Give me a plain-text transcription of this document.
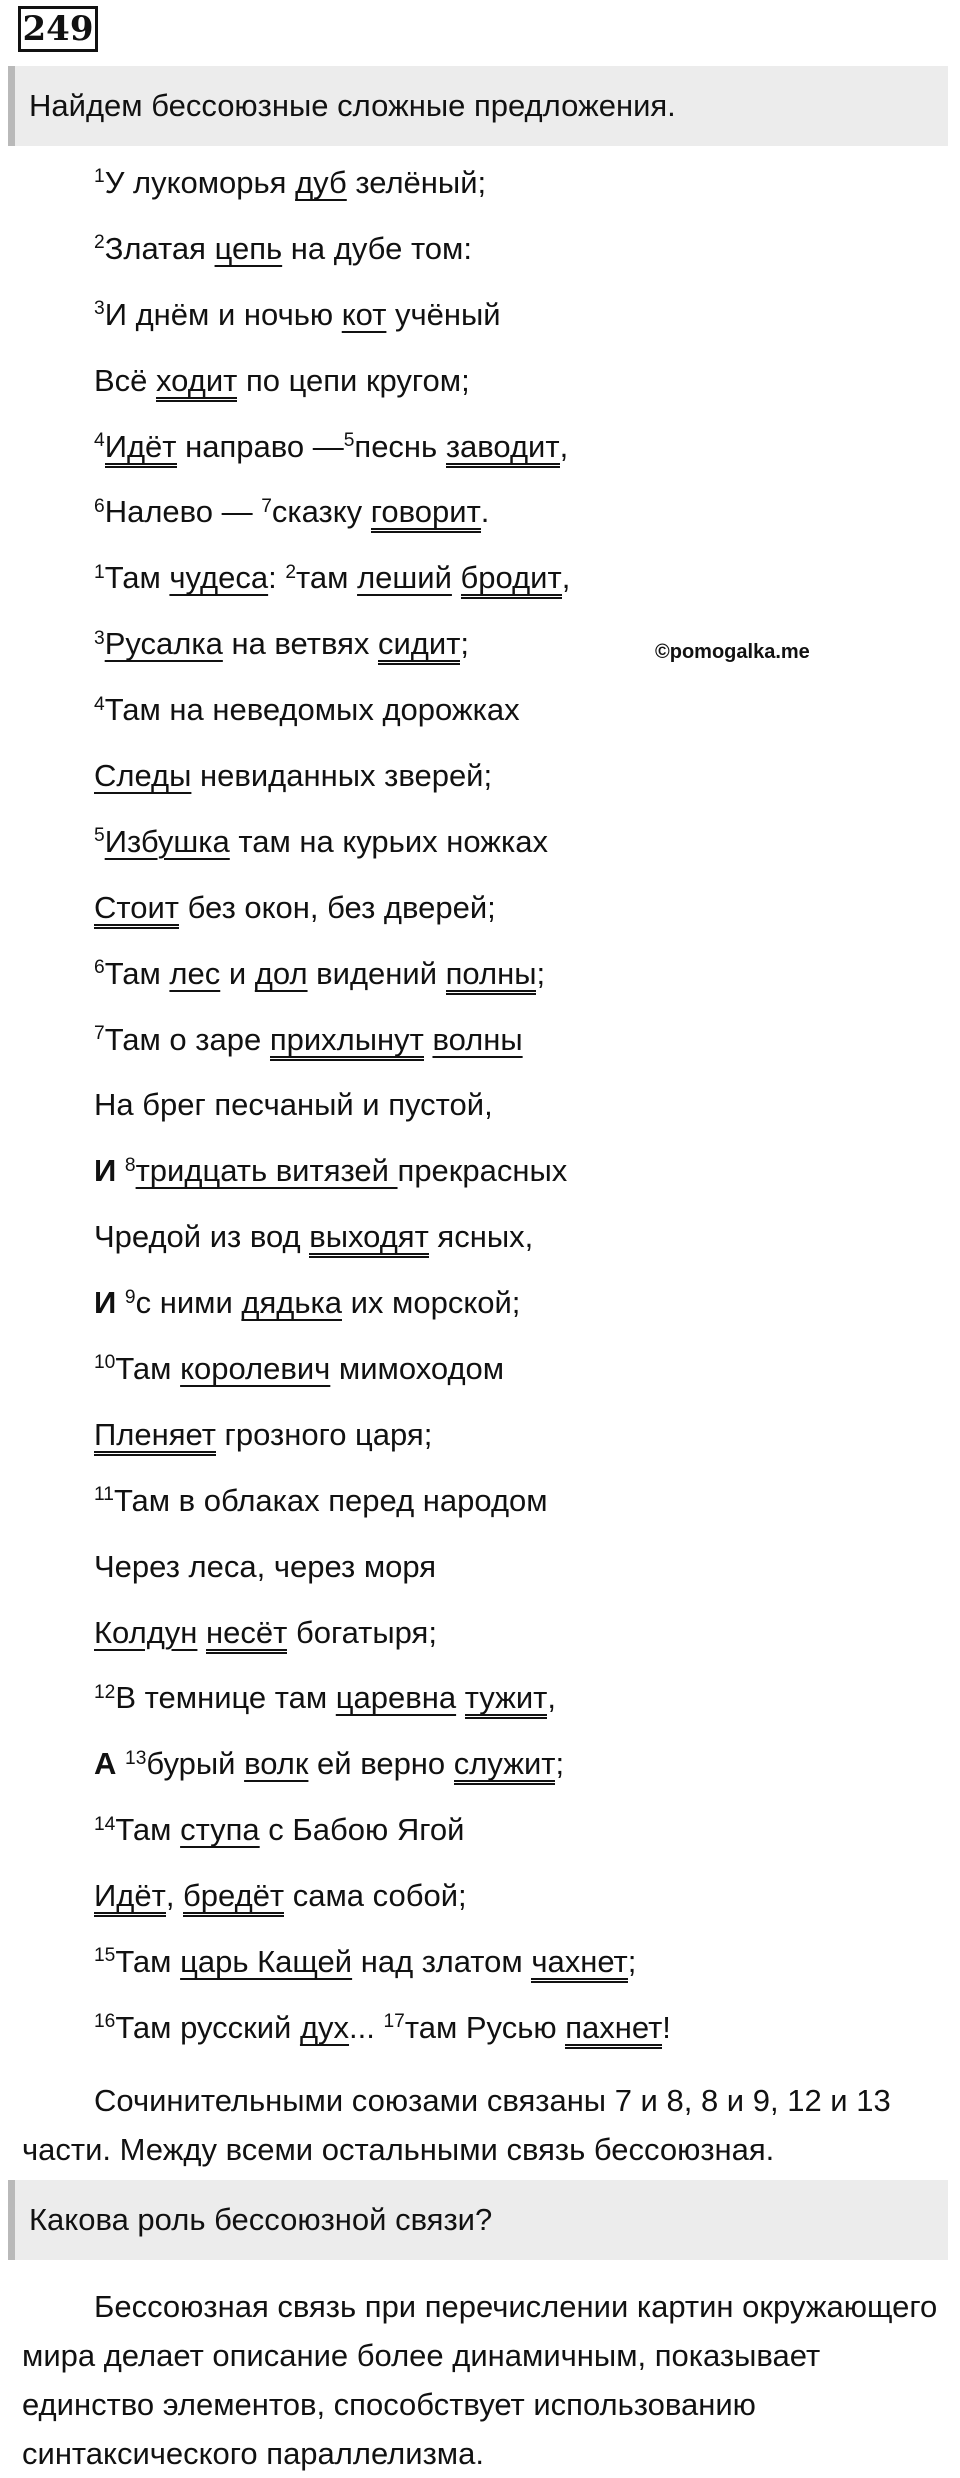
249
Найдем бессоюзные сложные предложения.
$^1$У лукоморья дуб зелёный;
$^2$Златая цепь на дубе том:
$^3$И днём и ночью кот учёный
Всё ходит по цепи кругом;
$^4$Идёт направо —$^5$песнь заводит,
$^6$Налево — $^7$сказку говорит.
$^1$Там чудеса: $^2$там леший бродит,
$^3$Русалка на ветвях сидит;
$^4$Там на неведомых дорожках
Следы невиданных зверей;
$^5$Избушка там на курьих ножках
Стоит без окон, без дверей;
$^6$Там лес и дол видений полны;
$^7$Там о заре прихлынут волны
На брег песчаный и пустой,
И $^8$тридцать витязей прекрасных
Чредой из вод выходят ясных,
И $^9$с ними дядька их морской;
$^{10}$Там королевич мимоходом
Пленяет грозного царя;
$^{11}$Там в облаках перед народом
Через леса, через моря
Колдун несёт богатыря;
$^{12}$В темнице там царевна тужит,
А $^{13}$бурый волк ей верно служит;
$^{14}$Там ступа с Бабою Ягой
Идёт, бредёт сама собой;
$^{15}$Там царь Кащей над златом чахнет;
$^{16}$Там русский дух... $^{17}$там Русью пахнет!
©pomogalka.me

Сочинительными союзами связаны 7 и 8, 8 и 9, 12 и 13 части. Между всеми остальными связь бессоюзная.

Какова роль бессоюзной связи?

Бессоюзная связь при перечислении картин окружающего мира делает описание более динамичным, показывает единство элементов, способствует использованию синтаксического параллелизма.
